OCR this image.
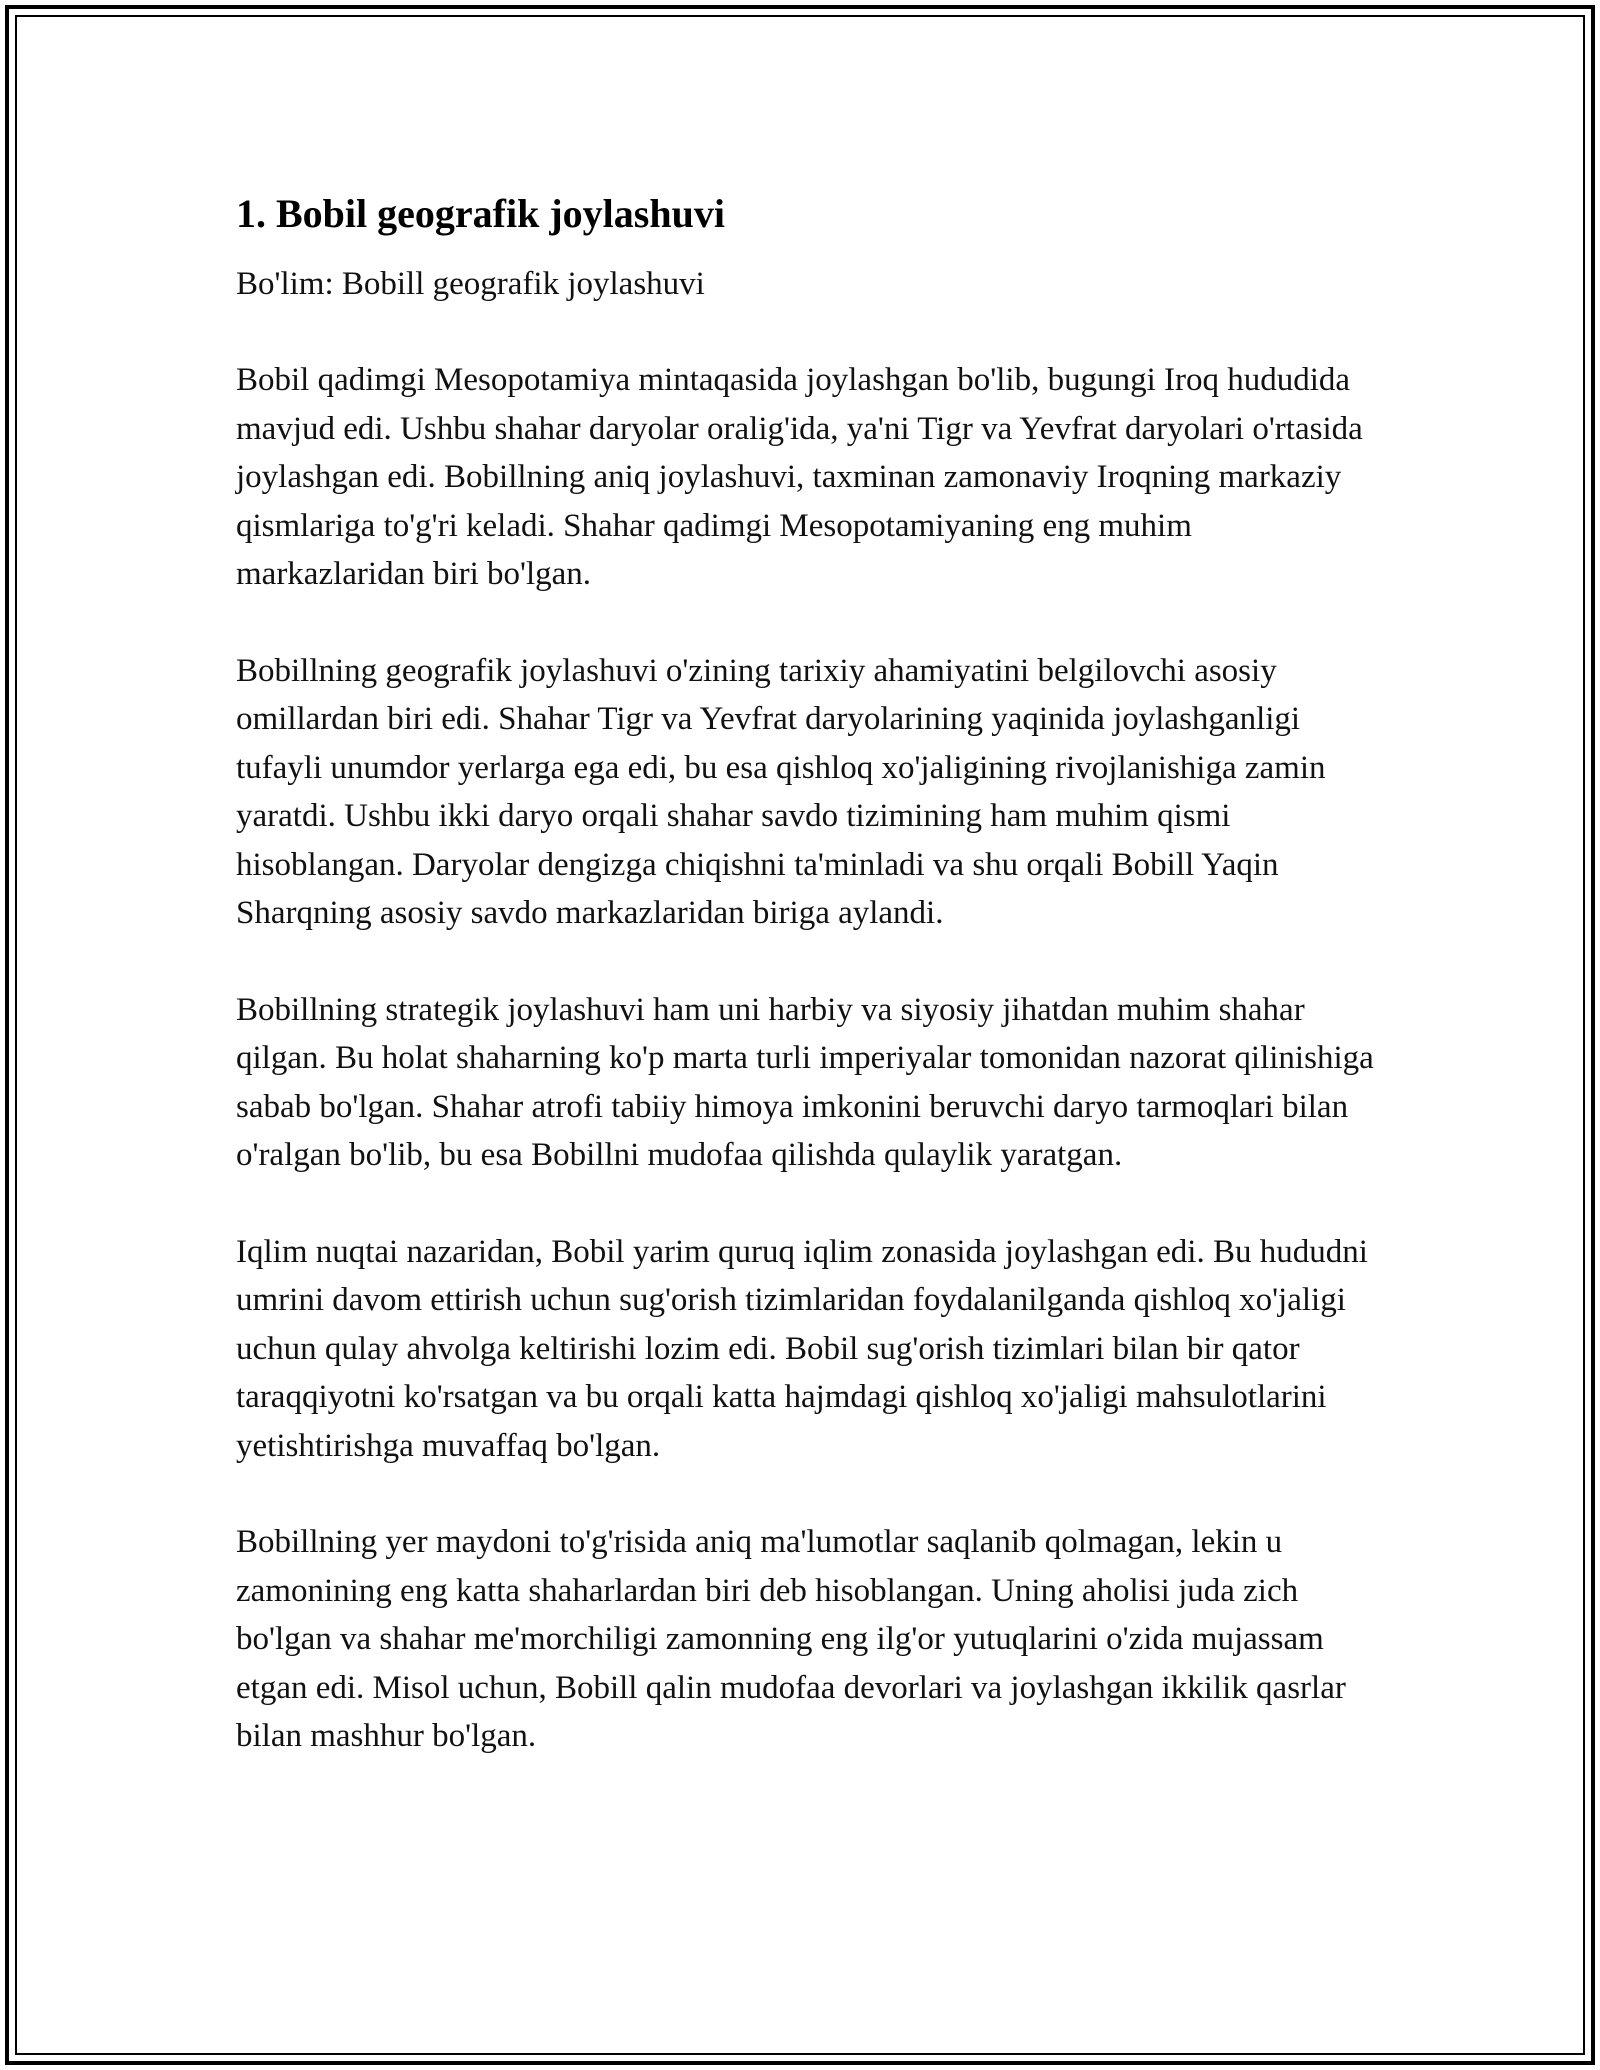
1. Bobil geografik joylashuvi

Bo'lim: Bobill geografik joylashuvi

Bobil qadimgi Mesopotamiya mintaqasida joylashgan bo'lib, bugungi Iroq hududida mavjud edi. Ushbu shahar daryolar oralig'ida, ya'ni Tigr va Yevfrat daryolari o'rtasida joylashgan edi. Bobillning aniq joylashuvi, taxminan zamonaviy Iroqning markaziy qismlariga to'g'ri keladi. Shahar qadimgi Mesopotamiyaning eng muhim markazlaridan biri bo'lgan.

Bobillning geografik joylashuvi o'zining tarixiy ahamiyatini belgilovchi asosiy omillardan biri edi. Shahar Tigr va Yevfrat daryolarining yaqinida joylashganligi tufayli unumdor yerlarga ega edi, bu esa qishloq xo'jaligining rivojlanishiga zamin yaratdi. Ushbu ikki daryo orqali shahar savdo tizimining ham muhim qismi hisoblangan. Daryolar dengizga chiqishni ta'minladi va shu orqali Bobill Yaqin Sharqning asosiy savdo markazlaridan biriga aylandi.

Bobillning strategik joylashuvi ham uni harbiy va siyosiy jihatdan muhim shahar qilgan. Bu holat shaharning ko'p marta turli imperiyalar tomonidan nazorat qilinishiga sabab bo'lgan. Shahar atrofi tabiiy himoya imkonini beruvchi daryo tarmoqlari bilan o'ralgan bo'lib, bu esa Bobillni mudofaa qilishda qulaylik yaratgan.

Iqlim nuqtai nazaridan, Bobil yarim quruq iqlim zonasida joylashgan edi. Bu hududni umrini davom ettirish uchun sug'orish tizimlaridan foydalanilganda qishloq xo'jaligi uchun qulay ahvolga keltirishi lozim edi. Bobil sug'orish tizimlari bilan bir qator taraqqiyotni ko'rsatgan va bu orqali katta hajmdagi qishloq xo'jaligi mahsulotlarini yetishtirishga muvaffaq bo'lgan.

Bobillning yer maydoni to'g'risida aniq ma'lumotlar saqlanib qolmagan, lekin u zamonining eng katta shaharlardan biri deb hisoblangan. Uning aholisi juda zich bo'lgan va shahar me'morchiligi zamonning eng ilg'or yutuqlarini o'zida mujassam etgan edi. Misol uchun, Bobill qalin mudofaa devorlari va joylashgan ikkilik qasrlar bilan mashhur bo'lgan.
